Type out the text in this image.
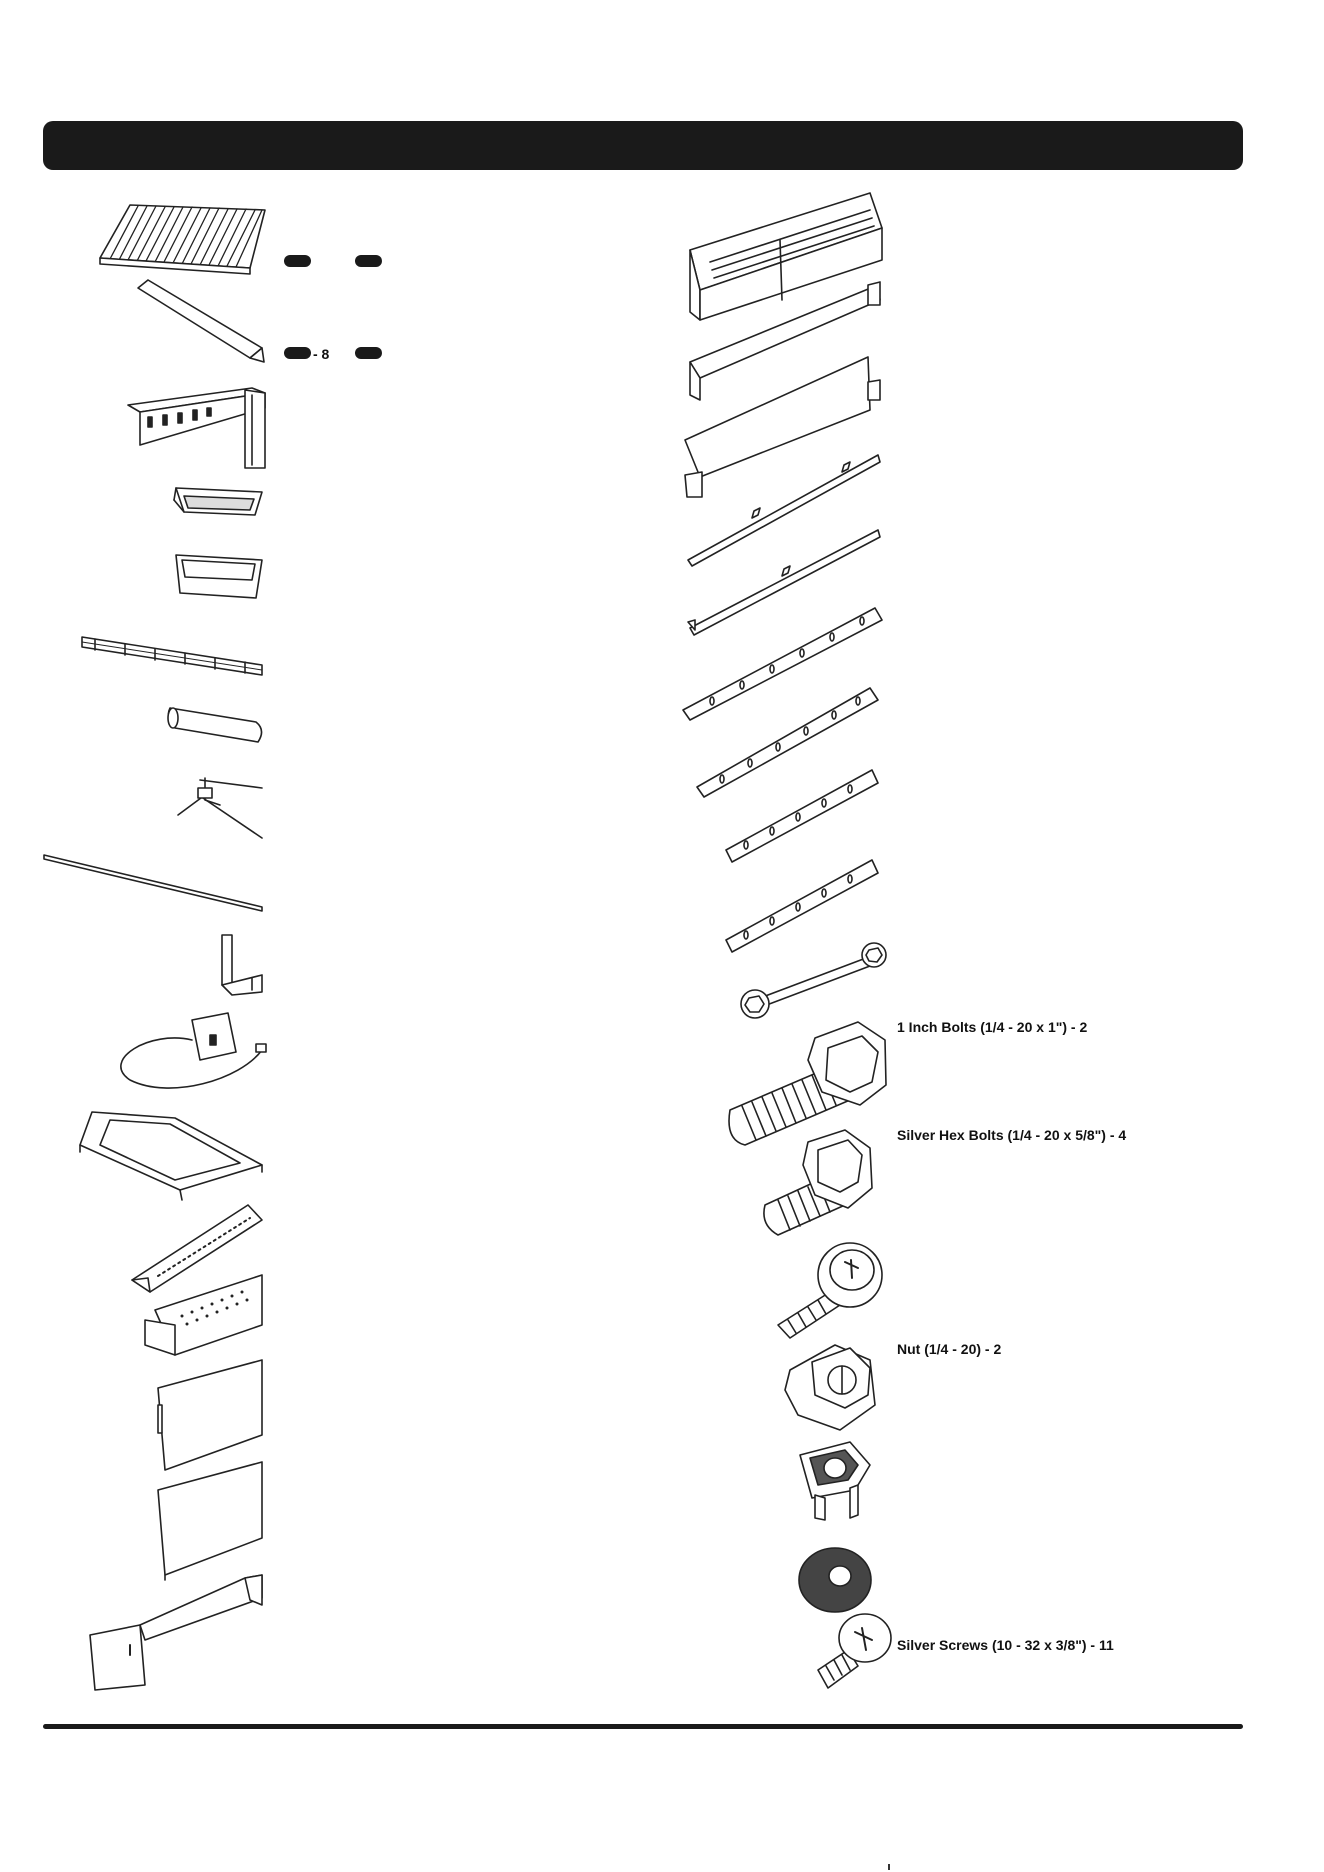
- 8
1 Inch Bolts (1/4 - 20 x 1") - 2
Silver Hex Bolts (1/4 - 20 x 5/8") - 4
Nut (1/4 - 20) - 2
Silver Screws (10 - 32 x 3/8") - 11
